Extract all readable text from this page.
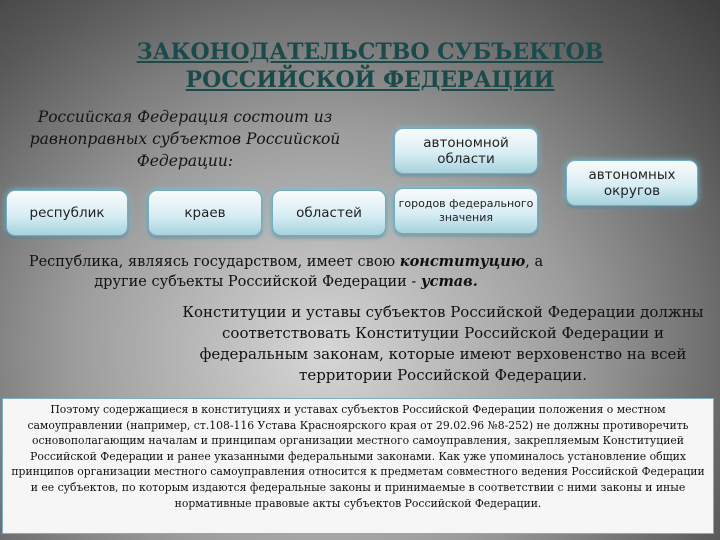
ЗАКОНОДАТЕЛЬСТВО СУБЪЕКТОВ РОССИЙСКОЙ ФЕДЕРАЦИИ
Российская Федерация состоит из равноправных субъектов Российской Федерации:
республик	краев	областей
автономной области
городов федерального значения
автономных округов
Республика, являясь государством, имеет свою конституцию, а другие субъекты Российской Федерации - устав.
Конституции и уставы субъектов Российской Федерации должны соответствовать Конституции Российской Федерации и федеральным законам, которые имеют верховенство на всей территории Российской Федерации.
Поэтому содержащиеся в конституциях и уставах субъектов Российской Федерации положения о местном самоуправлении (например, ст.108-116 Устава Красноярского края от 29.02.96 №8-252) не должны противоречить основополагающим началам и принципам организации местного самоуправления, закрепляемым Конституцией Российской Федерации и ранее указанными федеральными законами. Как уже упоминалось установление общих принципов организации местного самоуправления относится к предметам совместного ведения Российской Федерации и ее субъектов, по которым издаются федеральные законы и принимаемые в соответствии с ними законы и иные нормативные правовые акты субъектов Российской Федерации.
